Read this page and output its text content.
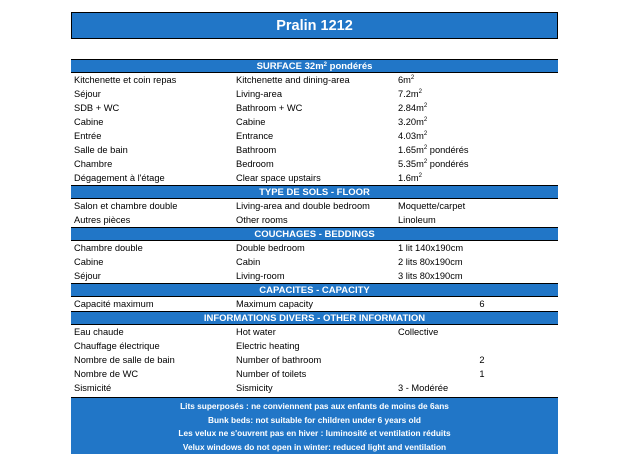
Pralin 1212
SURFACE $32m^2$ pondérés
Kitchenette et coin repas	Kitchenette and dining-area	$6m^2$
Séjour	Living-area	$7.2m^2$
SDB + WC	Bathroom + WC	$2.84m^2$
Cabine	Cabine	$3.20m^2$
Entrée	Entrance	$4.03m^2$
Salle de bain	Bathroom	$1.65m^2$ pondérés
Chambre	Bedroom	$5.35m^2$ pondérés
Dégagement à l'étage	Clear space upstairs	$1.6m^2$
TYPE DE SOLS - FLOOR
Salon et chambre double	Living-area and double bedroom	Moquette/carpet
Autres pièces	Other rooms	Linoleum
COUCHAGES - BEDDINGS
Chambre double	Double bedroom	1 lit 140x190cm
Cabine	Cabin	2 lits 80x190cm
Séjour	Living-room	3 lits 80x190cm
CAPACITES - CAPACITY
Capacité maximum	Maximum capacity	6
INFORMATIONS DIVERS - OTHER INFORMATION
Eau chaude	Hot water	Collective
Chauffage électrique	Electric heating
Nombre de salle de bain	Number of bathroom	2
Nombre de WC	Number of toilets	1
Sismicité	Sismicity	3 - Modérée
Lits superposés : ne conviennent pas aux enfants de moins de 6ans
Bunk beds: not suitable for children under 6 years old
Les velux ne s'ouvrent pas en hiver : luminosité et ventilation réduits
Velux windows do not open in winter: reduced light and ventilation
